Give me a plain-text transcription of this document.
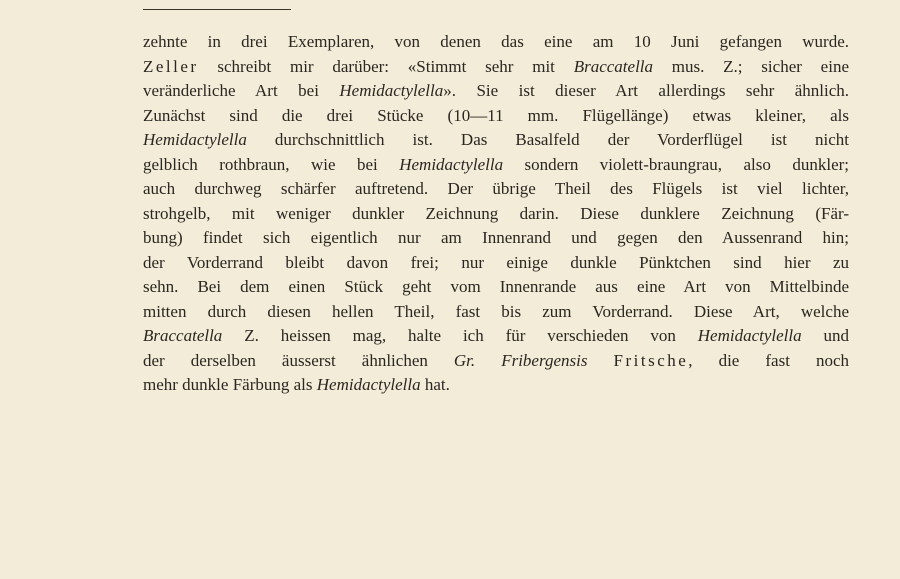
zehnte in drei Exemplaren, von denen das eine am 10 Juni gefangen wurde.
Zeller schreibt mir darüber: «Stimmt sehr mit Braccatella mus. Z.; sicher eine
veränderliche Art bei Hemidactylella». Sie ist dieser Art allerdings sehr ähnlich.
Zunächst sind die drei Stücke (10—11 mm. Flügellänge) etwas kleiner, als
Hemidactylella durchschnittlich ist. Das Basalfeld der Vorderflügel ist nicht
gelblich rothbraun, wie bei Hemidactylella sondern violett-braungrau, also dunkler;
auch durchweg schärfer auftretend. Der übrige Theil des Flügels ist viel lichter,
strohgelb, mit weniger dunkler Zeichnung darin. Diese dunklere Zeichnung (Fär-
bung) findet sich eigentlich nur am Innenrand und gegen den Aussenrand hin;
der Vorderrand bleibt davon frei; nur einige dunkle Pünktchen sind hier zu
sehn. Bei dem einen Stück geht vom Innenrande aus eine Art von Mittelbinde
mitten durch diesen hellen Theil, fast bis zum Vorderrand. Diese Art, welche
Braccatella Z. heissen mag, halte ich für verschieden von Hemidactylella und
der derselben äusserst ähnlichen Gr. Fribergensis Fritsche, die fast noch
mehr dunkle Färbung als Hemidactylella hat.
